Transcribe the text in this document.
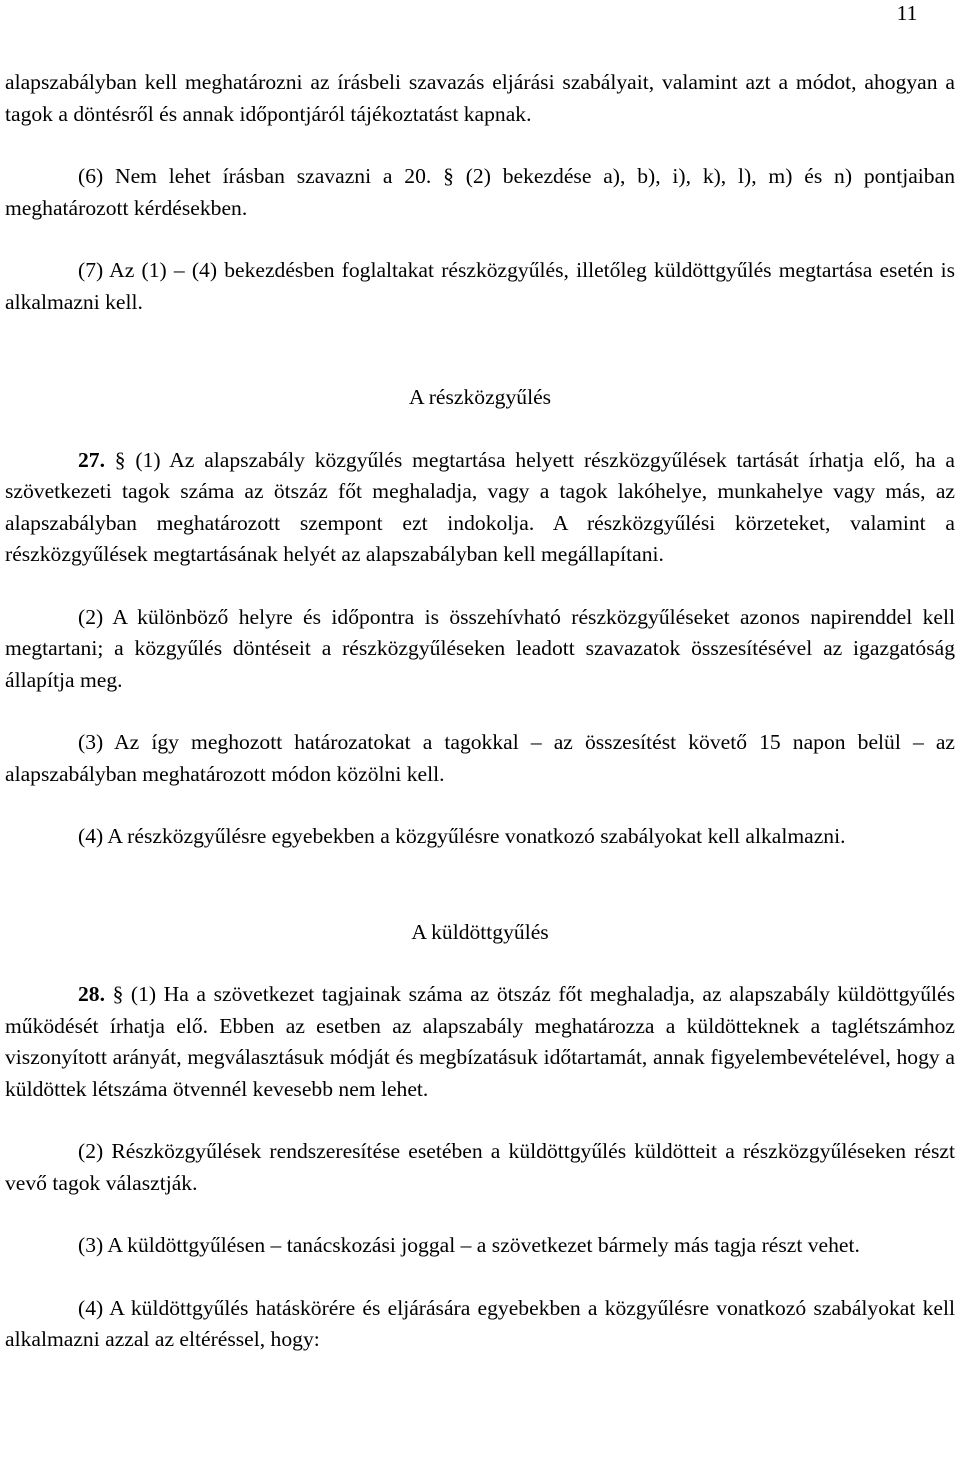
11

alapszabályban kell meghatározni az írásbeli szavazás eljárási szabályait, valamint azt a módot, ahogyan a tagok a döntésről és annak időpontjáról tájékoztatást kapnak.

(6) Nem lehet írásban szavazni a 20. § (2) bekezdése a), b), i), k), l), m) és n) pontjaiban meghatározott kérdésekben.

(7) Az (1) – (4) bekezdésben foglaltakat részközgyűlés, illetőleg küldöttgyűlés megtartása esetén is alkalmazni kell.

A részközgyűlés

27. § (1) Az alapszabály közgyűlés megtartása helyett részközgyűlések tartását írhatja elő, ha a szövetkezeti tagok száma az ötszáz főt meghaladja, vagy a tagok lakóhelye, munkahelye vagy más, az alapszabályban meghatározott szempont ezt indokolja. A részközgyűlési körzeteket, valamint a részközgyűlések megtartásának helyét az alapszabályban kell megállapítani.

(2) A különböző helyre és időpontra is összehívható részközgyűléseket azonos napirenddel kell megtartani; a közgyűlés döntéseit a részközgyűléseken leadott szavazatok összesítésével az igazgatóság állapítja meg.

(3) Az így meghozott határozatokat a tagokkal – az összesítést követő 15 napon belül – az alapszabályban meghatározott módon közölni kell.

(4) A részközgyűlésre egyebekben a közgyűlésre vonatkozó szabályokat kell alkalmazni.

A küldöttgyűlés

28. § (1) Ha a szövetkezet tagjainak száma az ötszáz főt meghaladja, az alapszabály küldöttgyűlés működését írhatja elő. Ebben az esetben az alapszabály meghatározza a küldötteknek a taglétszámhoz viszonyított arányát, megválasztásuk módját és megbízatásuk időtartamát, annak figyelembevételével, hogy a küldöttek létszáma ötvennél kevesebb nem lehet.

(2) Részközgyűlések rendszeresítése esetében a küldöttgyűlés küldötteit a részközgyűléseken részt vevő tagok választják.

(3) A küldöttgyűlésen – tanácskozási joggal – a szövetkezet bármely más tagja részt vehet.

(4) A küldöttgyűlés hatáskörére és eljárására egyebekben a közgyűlésre vonatkozó szabályokat kell alkalmazni azzal az eltéréssel, hogy:
